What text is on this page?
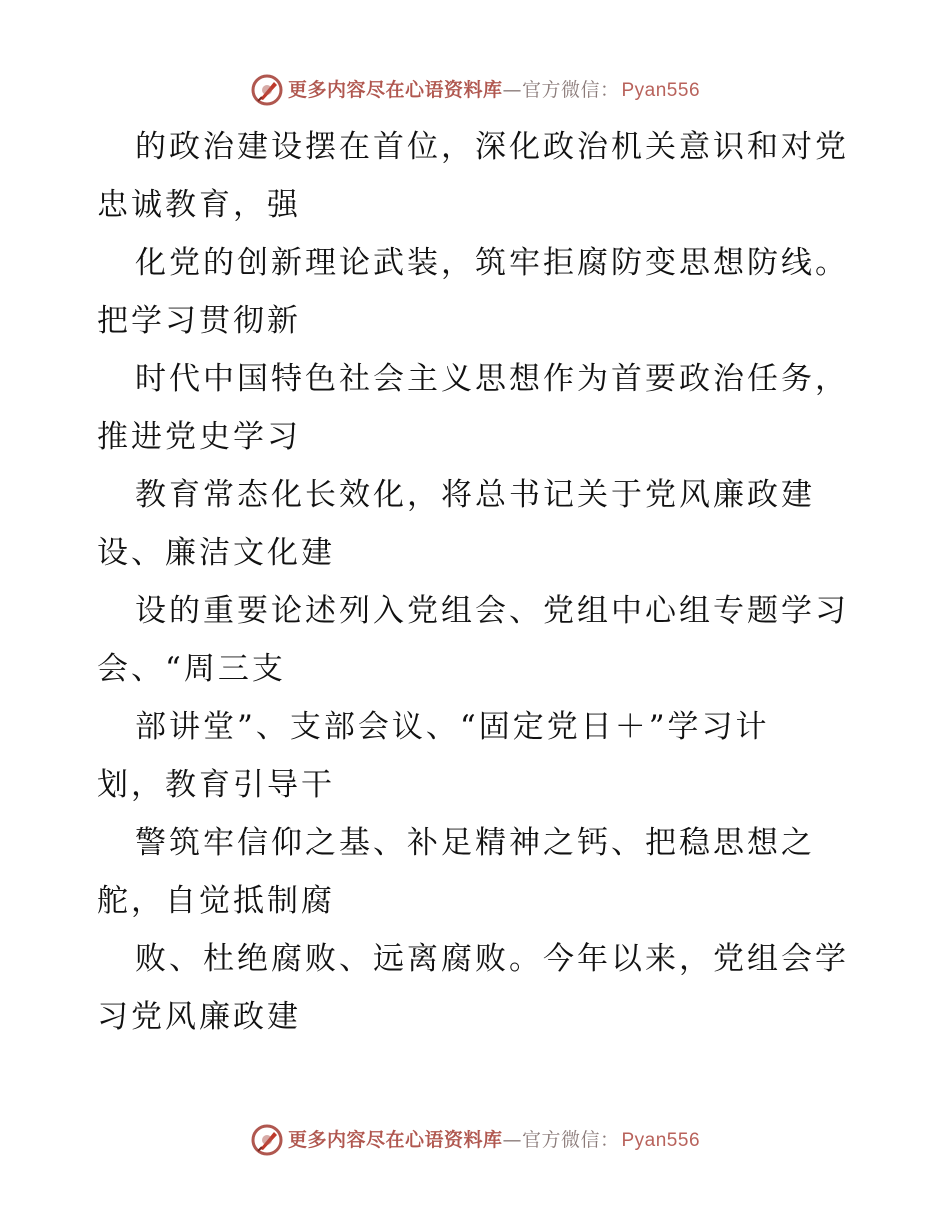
更多内容尽在心语资料库—官方微信： Pyan556
的政治建设摆在首位，深化政治机关意识和对党
忠诚教育，强
化党的创新理论武装，筑牢拒腐防变思想防线。
把学习贯彻新
时代中国特色社会主义思想作为首要政治任务，
推进党史学习
教育常态化长效化，将总书记关于党风廉政建
设、廉洁文化建
设的重要论述列入党组会、党组中心组专题学习
会、“周三支
部讲堂”、支部会议、“固定党日＋”学习计
划，教育引导干
警筑牢信仰之基、补足精神之钙、把稳思想之
舵，自觉抵制腐
败、杜绝腐败、远离腐败。今年以来，党组会学
习党风廉政建
更多内容尽在心语资料库—官方微信： Pyan556
